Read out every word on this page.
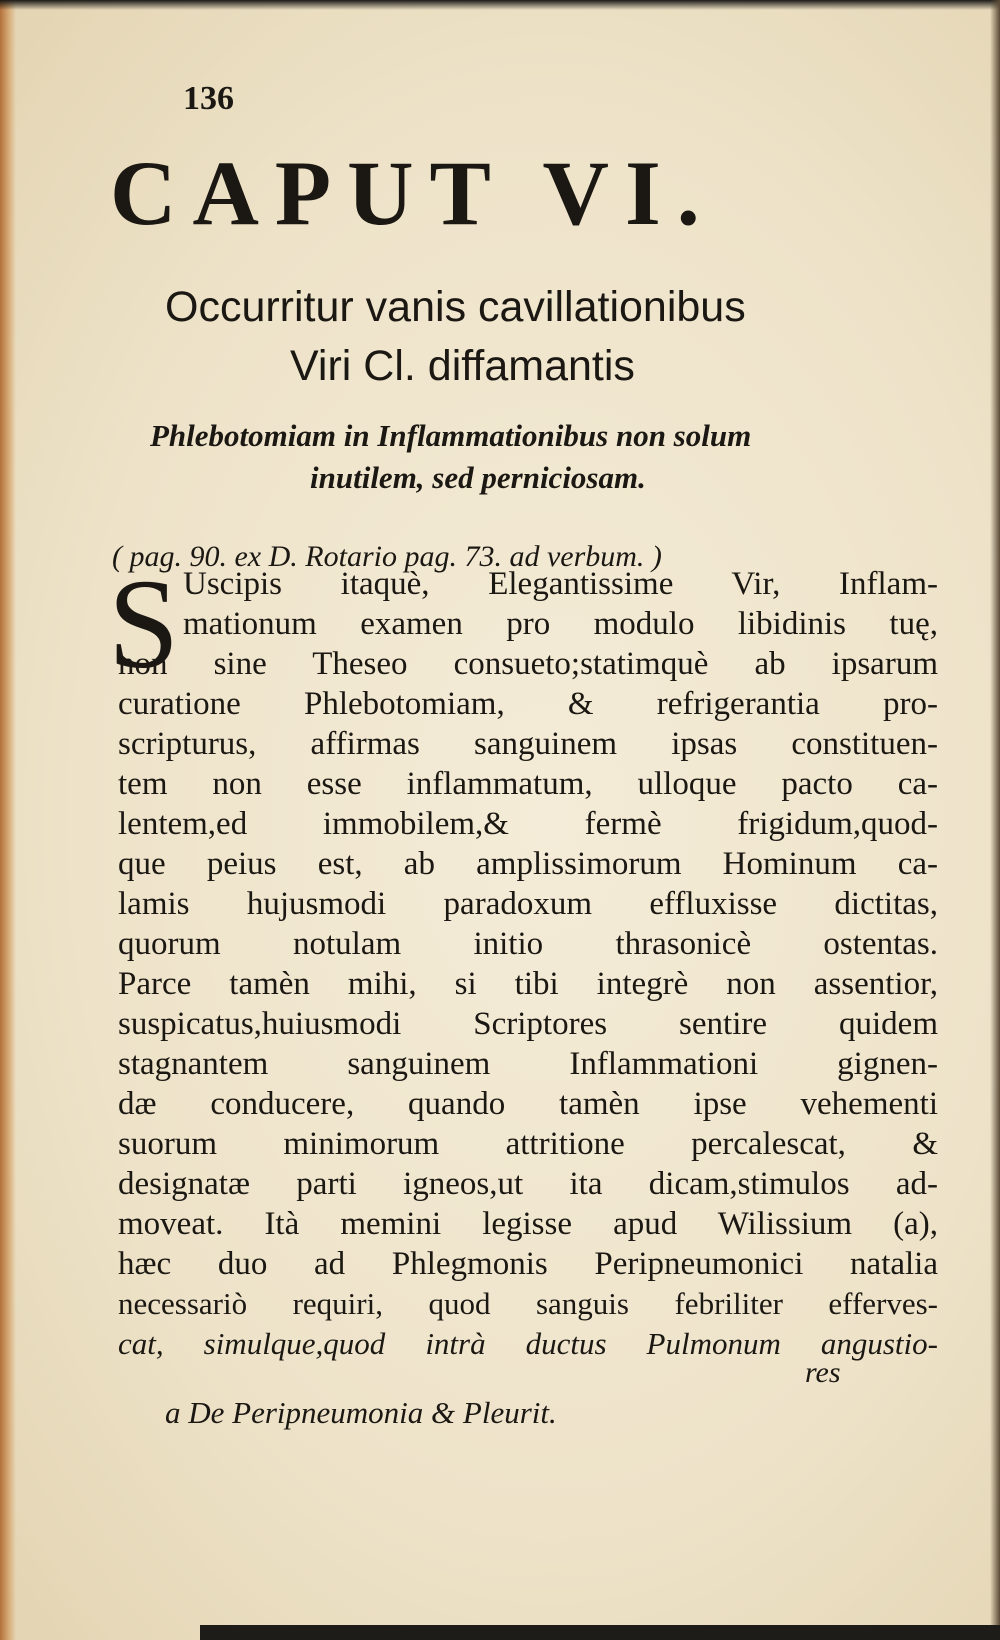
136
CAPUT VI.
Occurritur vanis cavillationibus
Viri Cl. diffamantis
Phlebotomiam in Inflammationibus non solum
inutilem, sed perniciosam.
( pag. 90. ex D. Rotario pag. 73. ad verbum. )
S Uscipis itaquè, Elegantissime Vir, Inflam-
mationum examen pro modulo libidinis tuę,
non sine Theseo consueto;statimquè ab ipsarum
curatione Phlebotomiam, & refrigerantia pro-
scripturus, affirmas sanguinem ipsas constituen-
tem non esse inflammatum, ulloque pacto ca-
lentem,ed immobilem,& fermè frigidum,quod-
que peius est, ab amplissimorum Hominum ca-
lamis hujusmodi paradoxum effluxisse dictitas,
quorum notulam initio thrasonicè ostentas.
Parce tamèn mihi, si tibi integrè non assentior,
suspicatus,huiusmodi Scriptores sentire quidem
stagnantem sanguinem Inflammationi gignen-
dæ conducere, quando tamèn ipse vehementi
suorum minimorum attritione percalescat, &
designatæ parti igneos,ut ita dicam,stimulos ad-
moveat. Ità memini legisse apud Wilissium (a),
hæc duo ad Phlegmonis Peripneumonici natalia
necessariò requiri, quod sanguis febriliter efferves-
cat, simulque,quod intrà ductus Pulmonum angustio-
res
a De Peripneumonia & Pleurit.
